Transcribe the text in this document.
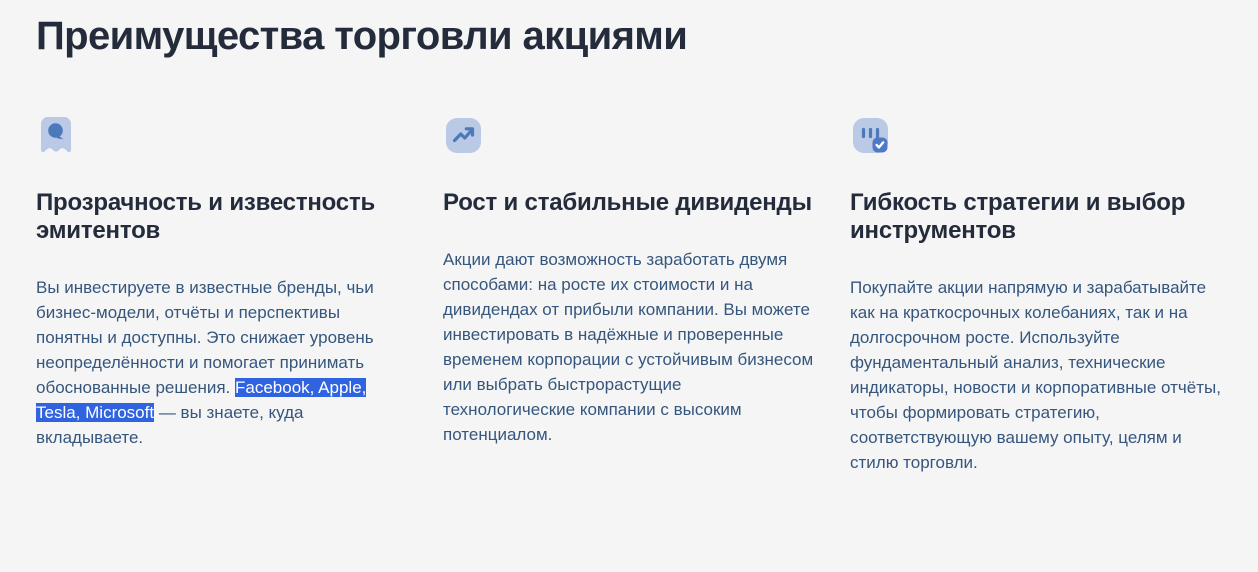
Преимущества торговли акциями
Прозрачность и известность эмитентов

Вы инвестируете в известные бренды, чьи бизнес-модели, отчёты и перспективы понятны и доступны. Это снижает уровень неопределённости и помогает принимать обоснованные решения. Facebook, Apple, Tesla, Microsoft — вы знаете, куда вкладываете.

Рост и стабильные дивиденды

Акции дают возможность заработать двумя способами: на росте их стоимости и на дивидендах от прибыли компании. Вы можете инвестировать в надёжные и проверенные временем корпорации с устойчивым бизнесом или выбрать быстрорастущие технологические компании с высоким потенциалом.

Гибкость стратегии и выбор инструментов

Покупайте акции напрямую и зарабатывайте как на краткосрочных колебаниях, так и на долгосрочном росте. Используйте фундаментальный анализ, технические индикаторы, новости и корпоративные отчёты, чтобы формировать стратегию, соответствующую вашему опыту, целям и стилю торговли.
